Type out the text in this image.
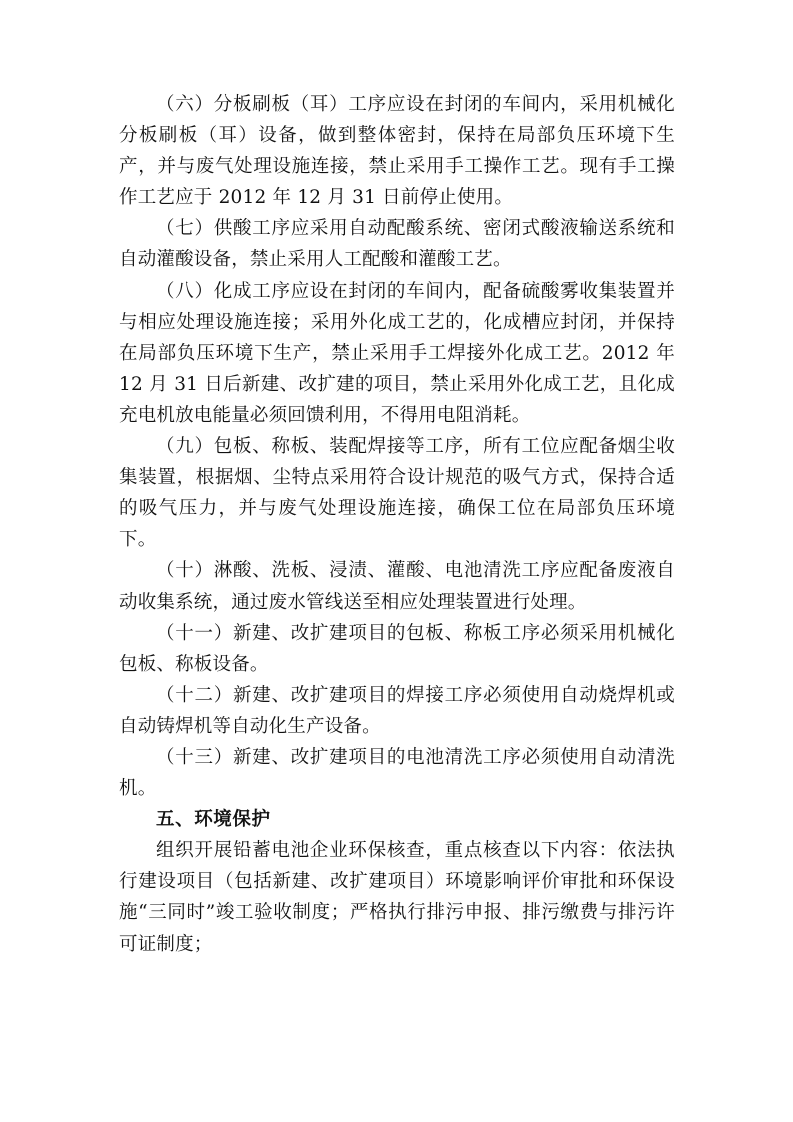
（六）分板刷板（耳）工序应设在封闭的车间内，采用机械化分板刷板（耳）设备，做到整体密封，保持在局部负压环境下生产，并与废气处理设施连接，禁止采用手工操作工艺。现有手工操作工艺应于 2012 年 12 月 31 日前停止使用。

（七）供酸工序应采用自动配酸系统、密闭式酸液输送系统和自动灌酸设备，禁止采用人工配酸和灌酸工艺。

（八）化成工序应设在封闭的车间内，配备硫酸雾收集装置并与相应处理设施连接；采用外化成工艺的，化成槽应封闭，并保持在局部负压环境下生产，禁止采用手工焊接外化成工艺。2012 年 12 月 31 日后新建、改扩建的项目，禁止采用外化成工艺，且化成充电机放电能量必须回馈利用，不得用电阻消耗。

（九）包板、称板、装配焊接等工序，所有工位应配备烟尘收集装置，根据烟、尘特点采用符合设计规范的吸气方式，保持合适的吸气压力，并与废气处理设施连接，确保工位在局部负压环境下。

（十）淋酸、洗板、浸渍、灌酸、电池清洗工序应配备废液自动收集系统，通过废水管线送至相应处理装置进行处理。

（十一）新建、改扩建项目的包板、称板工序必须采用机械化包板、称板设备。

（十二）新建、改扩建项目的焊接工序必须使用自动烧焊机或自动铸焊机等自动化生产设备。

（十三）新建、改扩建项目的电池清洗工序必须使用自动清洗机。

五、环境保护

组织开展铅蓄电池企业环保核查，重点核查以下内容：依法执行建设项目（包括新建、改扩建项目）环境影响评价审批和环保设施“三同时”竣工验收制度；严格执行排污申报、排污缴费与排污许可证制度；
